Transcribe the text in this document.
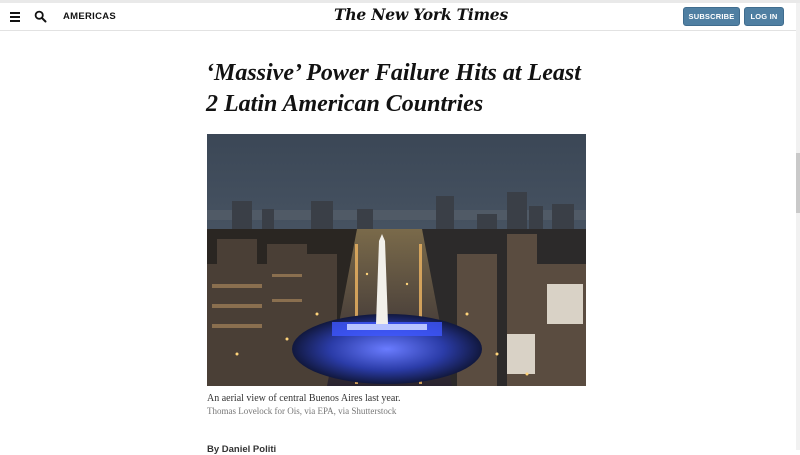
AMERICAS	The New York Times	SUBSCRIBE	LOG IN
‘Massive’ Power Failure Hits at Least 2 Latin American Countries
An aerial view of central Buenos Aires last year.
Thomas Lovelock for Ois, via EPA, via Shutterstock
By Daniel Politi
